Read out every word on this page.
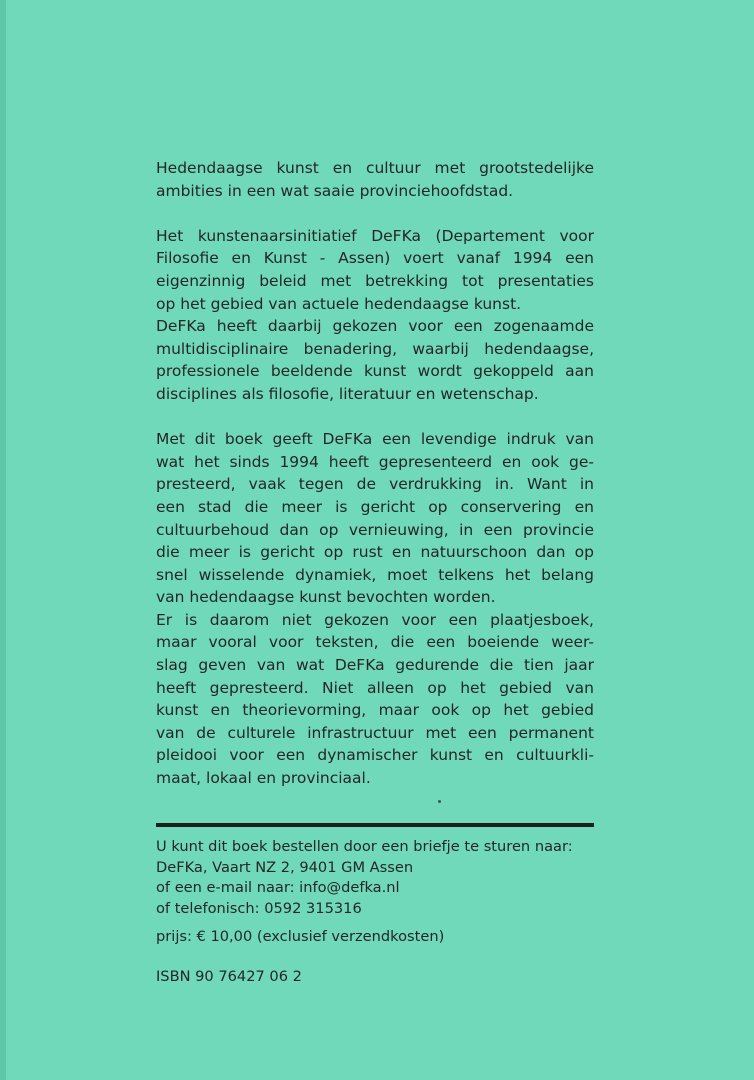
Hedendaagse kunst en cultuur met grootstedelijke
ambities in een wat saaie provinciehoofdstad.

Het kunstenaarsinitiatief DeFKa (Departement voor
Filosofie en Kunst - Assen) voert vanaf 1994 een
eigenzinnig beleid met betrekking tot presentaties
op het gebied van actuele hedendaagse kunst.
DeFKa heeft daarbij gekozen voor een zogenaamde
multidisciplinaire benadering, waarbij hedendaagse,
professionele beeldende kunst wordt gekoppeld aan
disciplines als filosofie, literatuur en wetenschap.

Met dit boek geeft DeFKa een levendige indruk van
wat het sinds 1994 heeft gepresenteerd en ook ge-
presteerd, vaak tegen de verdrukking in. Want in
een stad die meer is gericht op conservering en
cultuurbehoud dan op vernieuwing, in een provincie
die meer is gericht op rust en natuurschoon dan op
snel wisselende dynamiek, moet telkens het belang
van hedendaagse kunst bevochten worden.
Er is daarom niet gekozen voor een plaatjesboek,
maar vooral voor teksten, die een boeiende weer-
slag geven van wat DeFKa gedurende die tien jaar
heeft gepresteerd. Niet alleen op het gebied van
kunst en theorievorming, maar ook op het gebied
van de culturele infrastructuur met een permanent
pleidooi voor een dynamischer kunst en cultuurkli-
maat, lokaal en provinciaal.

U kunt dit boek bestellen door een briefje te sturen naar:
DeFKa, Vaart NZ 2, 9401 GM Assen
of een e-mail naar: info@defka.nl
of telefonisch: 0592 315316
prijs: € 10,00 (exclusief verzendkosten)
ISBN 90 76427 06 2
